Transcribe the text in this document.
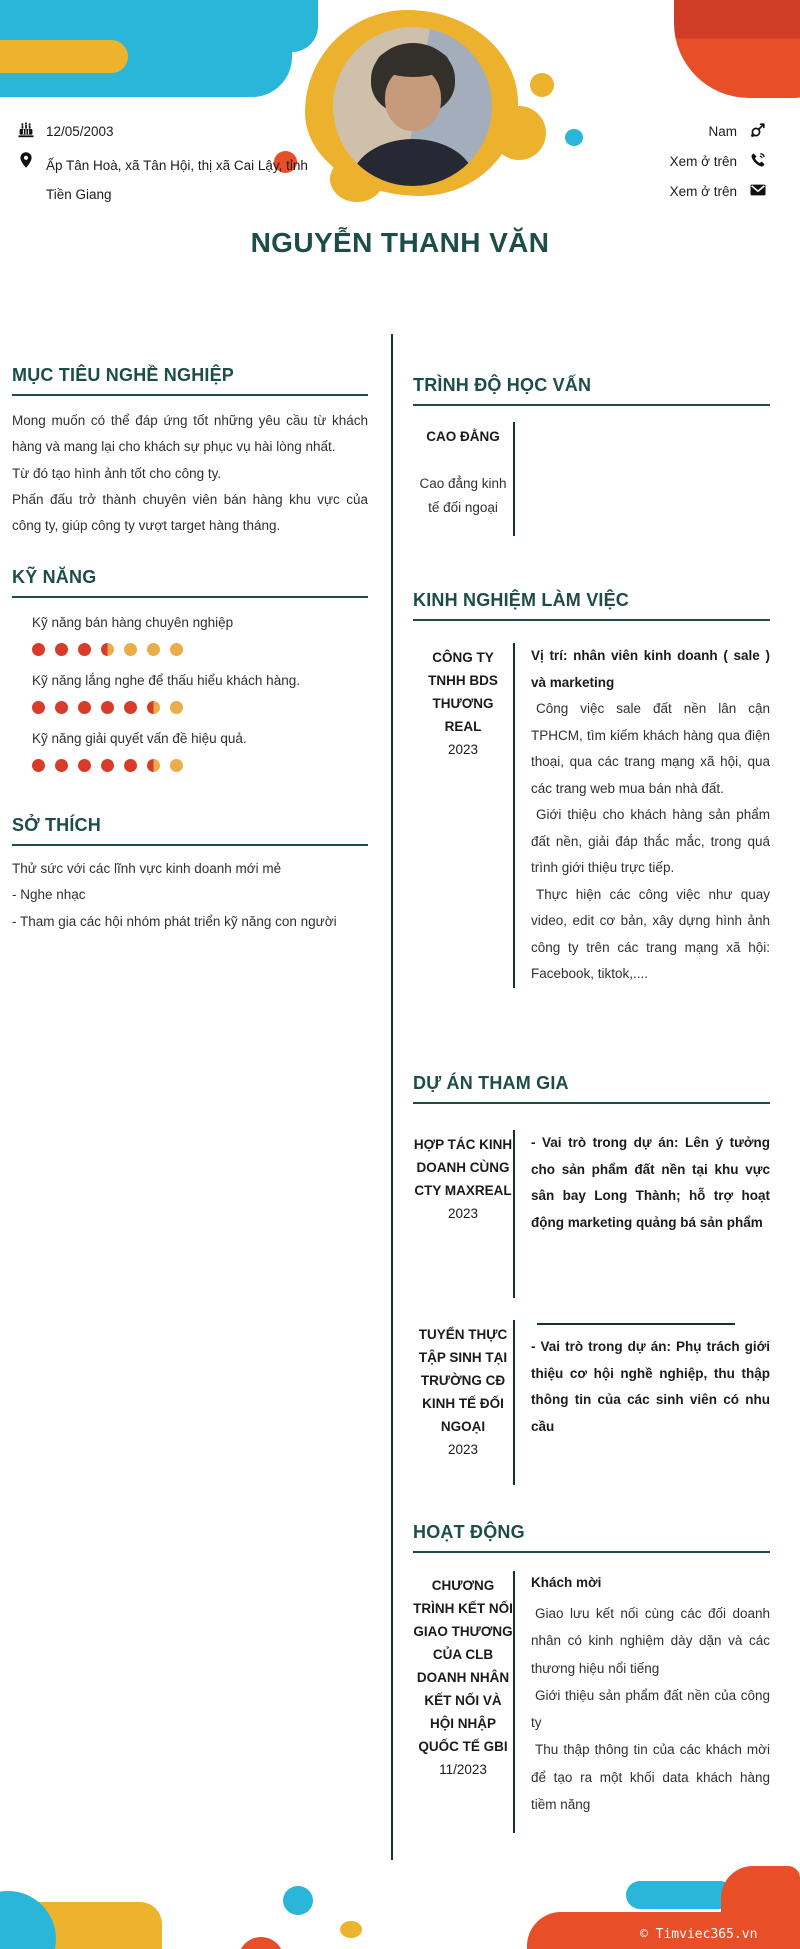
12/05/2003
Ấp Tân Hoà, xã Tân Hội, thị xã Cai Lậy, tỉnh Tiền Giang
Nam
Xem ở trên
Xem ở trên
NGUYỄN THANH VĂN
MỤC TIÊU NGHỀ NGHIỆP
Mong muốn có thể đáp ứng tốt những yêu cầu từ khách hàng và mang lại cho khách sự phục vụ hài lòng nhất.
Từ đó tạo hình ảnh tốt cho công ty.
Phấn đấu trở thành chuyên viên bán hàng khu vực của công ty, giúp công ty vượt target hàng tháng.
KỸ NĂNG
Kỹ năng bán hàng chuyên nghiệp
Kỹ năng lắng nghe để thấu hiểu khách hàng.
Kỹ năng giải quyết vấn đề hiệu quả.
SỞ THÍCH
Thử sức với các lĩnh vực kinh doanh mới mẻ
- Nghe nhạc
- Tham gia các hội nhóm phát triển kỹ năng con người
TRÌNH ĐỘ HỌC VẤN
CAO ĐẲNG
Cao đẳng kinh tế đối ngoại
KINH NGHIỆM LÀM VIỆC
CÔNG TY TNHH BDS THƯƠNG REAL
2023
Vị trí: nhân viên kinh doanh ( sale ) và marketing
Công việc sale đất nền lân cận TPHCM, tìm kiếm khách hàng qua điện thoại, qua các trang mạng xã hội, qua các trang web mua bán nhà đất.
Giới thiệu cho khách hàng sản phẩm đất nền, giải đáp thắc mắc, trong quá trình giới thiệu trực tiếp.
Thực hiện các công việc như quay video, edit cơ bản, xây dựng hình ảnh công ty trên các trang mạng xã hội: Facebook, tiktok,....
DỰ ÁN THAM GIA
HỢP TÁC KINH DOANH CÙNG CTY MAXREAL
2023
- Vai trò trong dự án: Lên ý tưởng cho sản phẩm đất nền tại khu vực sân bay Long Thành; hỗ trợ hoạt động marketing quảng bá sản phẩm
TUYỂN THỰC TẬP SINH TẠI TRƯỜNG CĐ KINH TẾ ĐỐI NGOẠI
2023
- Vai trò trong dự án: Phụ trách giới thiệu cơ hội nghề nghiệp, thu thập thông tin của các sinh viên có nhu cầu
HOẠT ĐỘNG
CHƯƠNG TRÌNH KẾT NỐI GIAO THƯƠNG CỦA CLB DOANH NHÂN KẾT NỐI VÀ HỘI NHẬP QUỐC TẾ GBI
11/2023
Khách mời
Giao lưu kết nối cùng các đối doanh nhân có kinh nghiệm dày dặn và các thương hiệu nổi tiếng
Giới thiệu sản phẩm đất nền của công ty
Thu thập thông tin của các khách mời để tạo ra một khối data khách hàng tiềm năng
© Timviec365.vn
